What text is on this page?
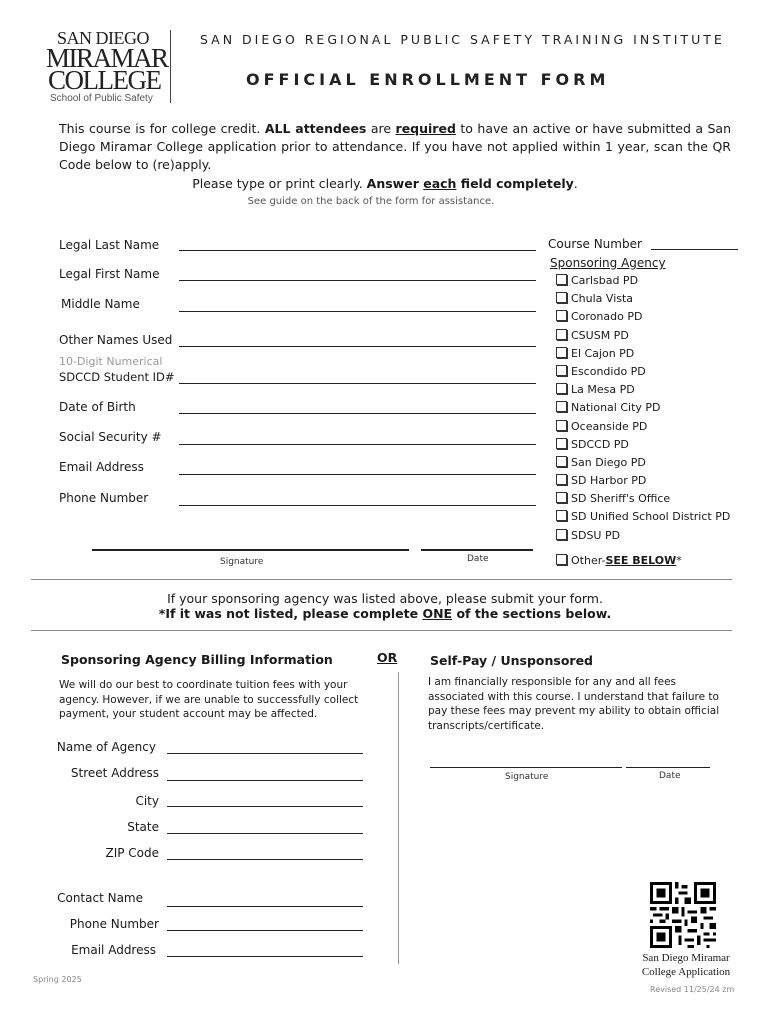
SAN DIEGO
MIRAMAR
COLLEGE
School of Public Safety
SAN DIEGO REGIONAL PUBLIC SAFETY TRAINING INSTITUTE
OFFICIAL ENROLLMENT FORM
This course is for college credit. ALL attendees are required to have an active or have submitted a San Diego Miramar College application prior to attendance. If you have not applied within 1 year, scan the QR Code below to (re)apply.
Please type or print clearly. Answer each field completely.
See guide on the back of the form for assistance.
Legal Last Name
Legal First Name
Middle Name
Other Names Used
10-Digit Numerical
SDCCD Student ID#
Date of Birth
Social Security #
Email Address
Phone Number
Signature	Date
Course Number
Sponsoring Agency
Carlsbad PD
Chula Vista
Coronado PD
CSUSM PD
El Cajon PD
Escondido PD
La Mesa PD
National City PD
Oceanside PD
SDCCD PD
San Diego PD
SD Harbor PD
SD Sheriff's Office
SD Unified School District PD
SDSU PD
Other-SEE BELOW*
If your sponsoring agency was listed above, please submit your form.
*If it was not listed, please complete ONE of the sections below.
Sponsoring Agency Billing Information
We will do our best to coordinate tuition fees with your agency. However, if we are unable to successfully collect payment, your student account may be affected.
Name of Agency
Street Address
City
State
ZIP Code
Contact Name
Phone Number
Email Address
OR	Self-Pay / Unsponsored
I am financially responsible for any and all fees associated with this course. I understand that failure to pay these fees may prevent my ability to obtain official transcripts/certificate.
Signature	Date
San Diego Miramar
College Application
Spring 2025
Revised 11/25/24 zm
